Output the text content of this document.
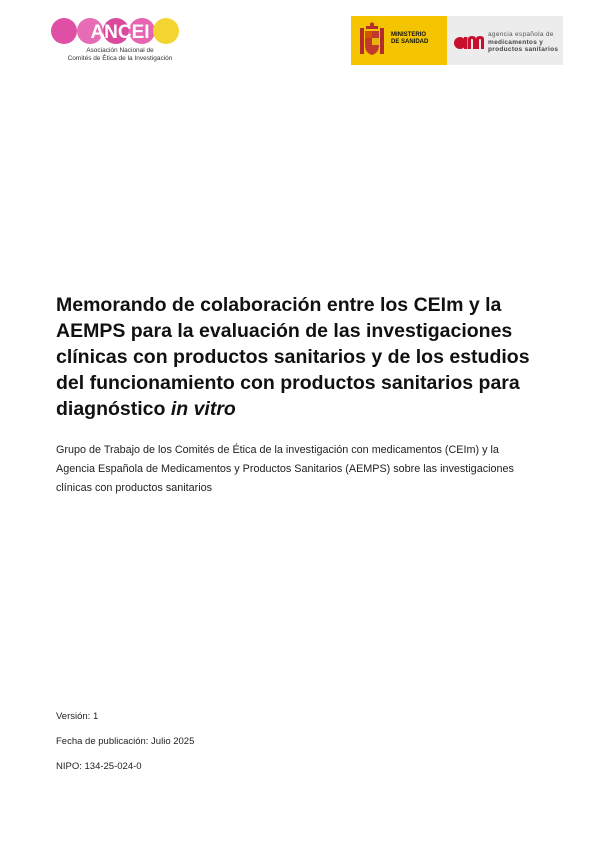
ANCEI
Asociación Nacional de
Comités de Ética de la Investigación
MINISTERIO
DE SANIDAD
agencia española de
medicamentos y
productos sanitarios
Memorando de colaboración entre los CEIm y la AEMPS para la evaluación de las investigaciones clínicas con productos sanitarios y de los estudios del funcionamiento con productos sanitarios para diagnóstico in vitro

Grupo de Trabajo de los Comités de Ética de la investigación con medicamentos (CEIm) y la Agencia Española de Medicamentos y Productos Sanitarios (AEMPS) sobre las investigaciones clínicas con productos sanitarios

Versión: 1

Fecha de publicación: Julio 2025

NIPO: 134-25-024-0
